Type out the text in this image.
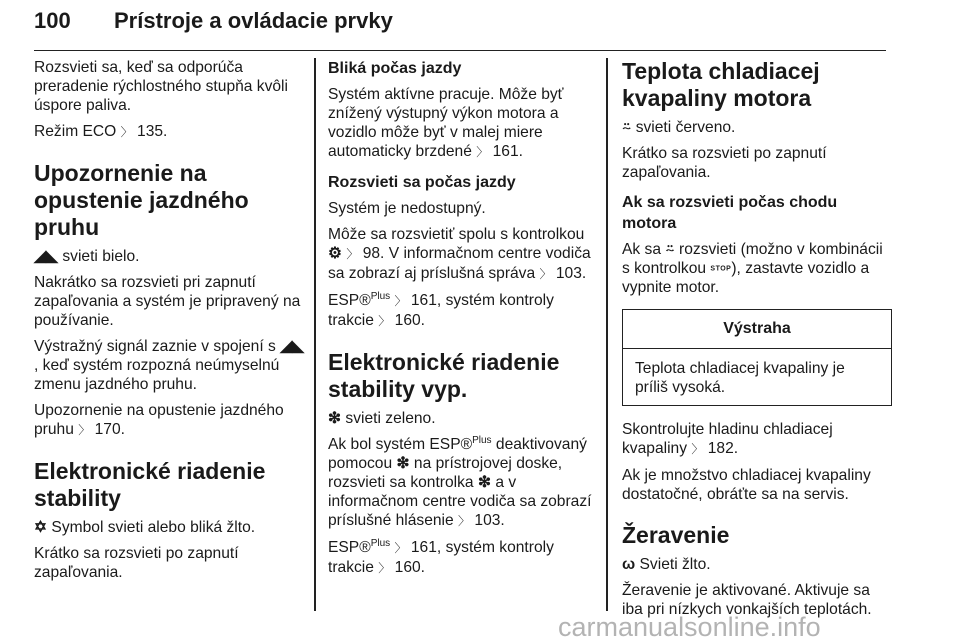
100 Prístroje a ovládacie prvky

Rozsvieti sa, keď sa odporúča preradenie rýchlostného stupňa kvôli úspore paliva.

Režim ECO 〉 135.

Upozornenie na opustenie jazdného pruhu

◢◣ svieti bielo.

Nakrátko sa rozsvieti pri zapnutí zapaľovania a systém je pripravený na používanie.

Výstražný signál zaznie v spojení s ◢◣, keď systém rozpozná neúmyselnú zmenu jazdného pruhu.

Upozornenie na opustenie jazdného pruhu 〉 170.

Elektronické riadenie stability

✡ Symbol svieti alebo bliká žlto.

Krátko sa rozsvieti po zapnutí zapaľovania.

Bliká počas jazdy

Systém aktívne pracuje. Môže byť znížený výstupný výkon motora a vozidlo môže byť v malej miere automaticky brzdené 〉 161.

Rozsvieti sa počas jazdy

Systém je nedostupný.

Môže sa rozsvietiť spolu s kontrolkou ⚙ 〉 98. V informačnom centre vodiča sa zobrazí aj príslušná správa 〉 103.

ESP®$^{Plus}$ 〉 161, systém kontroly trakcie 〉 160.

Elektronické riadenie stability vyp.

❇ svieti zeleno.

Ak bol systém ESP®$^{Plus}$ deaktivovaný pomocou ❇ na prístrojovej doske, rozsvieti sa kontrolka ❇ a v informačnom centre vodiča sa zobrazí príslušné hlásenie 〉 103.

ESP®$^{Plus}$ 〉 161, systém kontroly trakcie 〉 160.

Teplota chladiacej kvapaliny motora

⍨ svieti červeno.

Krátko sa rozsvieti po zapnutí zapaľovania.

Ak sa rozsvieti počas chodu motora

Ak sa ⍨ rozsvieti (možno v kombinácii s kontrolkou STOP), zastavte vozidlo a vypnite motor.

Výstraha
Teplota chladiacej kvapaliny je príliš vysoká.

Skontrolujte hladinu chladiacej kvapaliny 〉 182.

Ak je množstvo chladiacej kvapaliny dostatočné, obráťte sa na servis.

Žeravenie

ω Svieti žlto.

Žeravenie je aktivované. Aktivuje sa iba pri nízkych vonkajších teplotách.

carmanualsonline.info
